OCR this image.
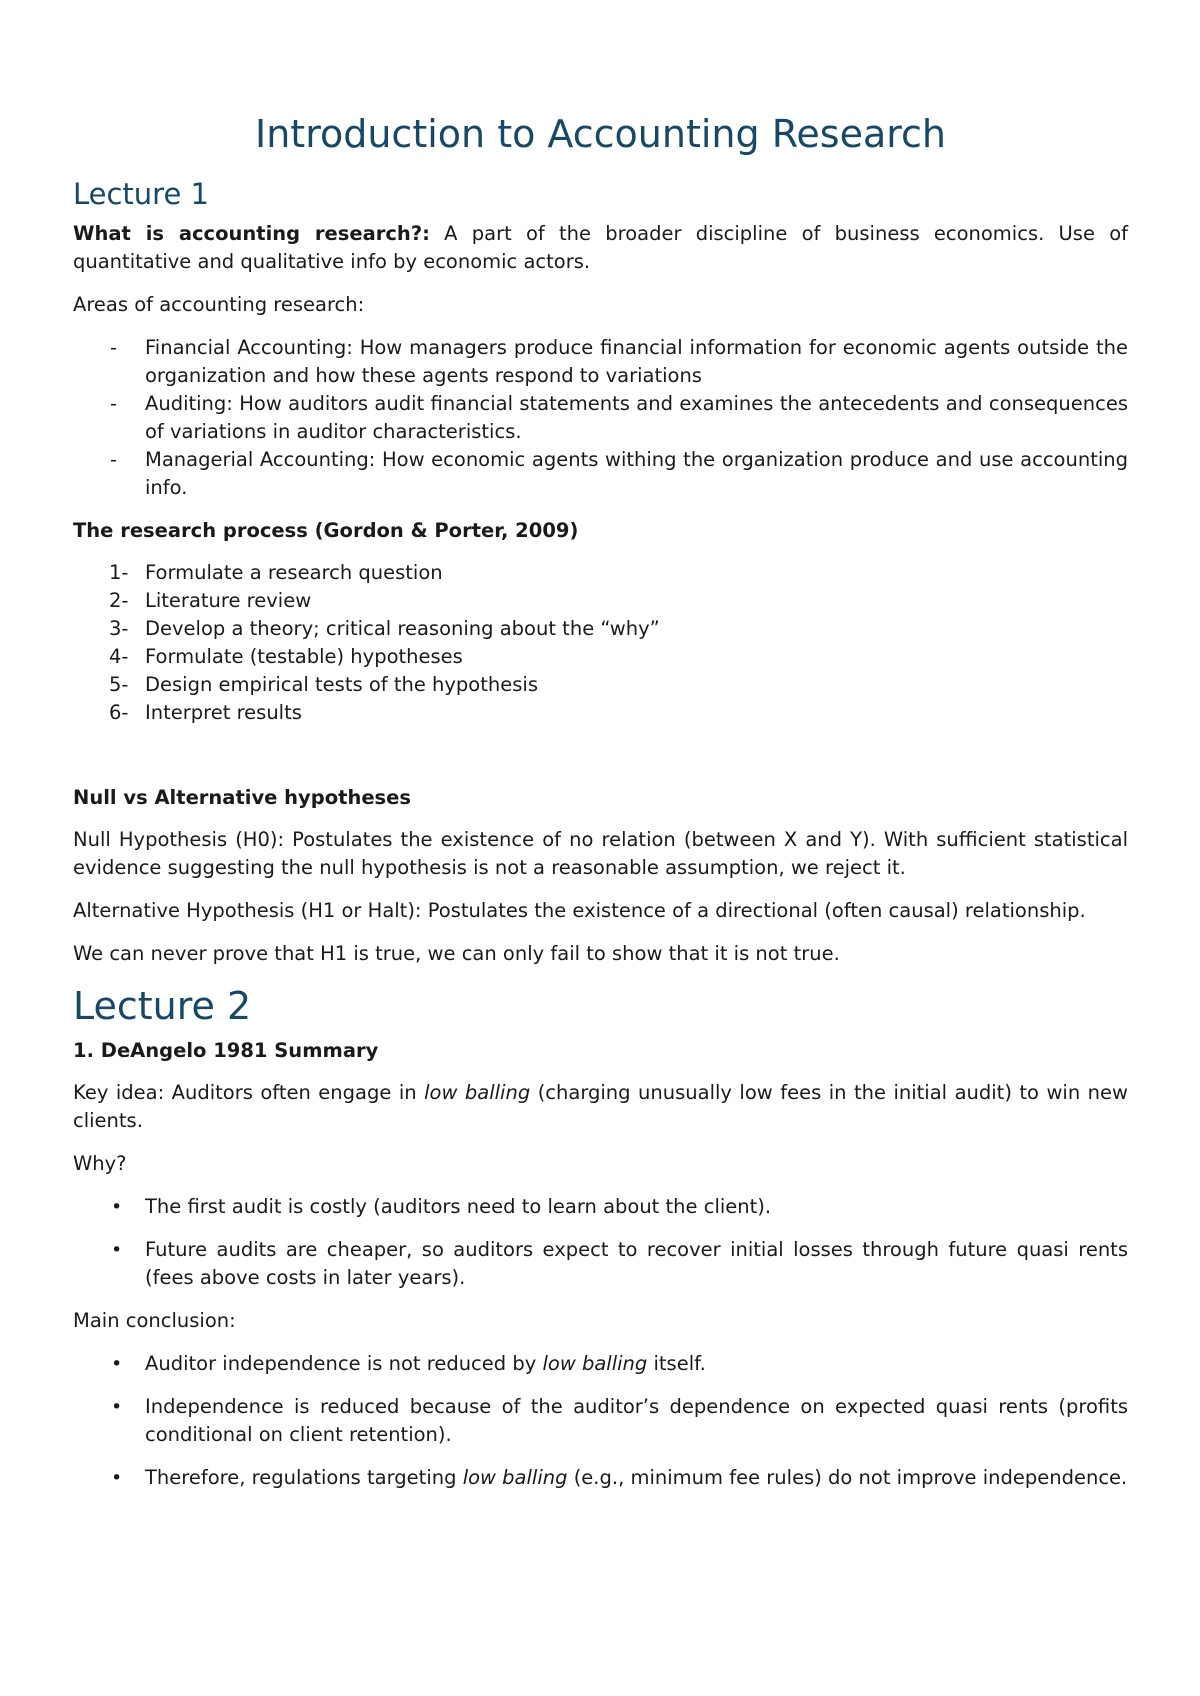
Introduction to Accounting Research
Lecture 1

What is accounting research?: A part of the broader discipline of business economics. Use of quantitative and qualitative info by economic actors.

Areas of accounting research:

- Financial Accounting: How managers produce financial information for economic agents outside the organization and how these agents respond to variations
- Auditing: How auditors audit financial statements and examines the antecedents and consequences of variations in auditor characteristics.
- Managerial Accounting: How economic agents withing the organization produce and use accounting info.
The research process (Gordon & Porter, 2009)
1- Formulate a research question
2- Literature review
3- Develop a theory; critical reasoning about the “why”
4- Formulate (testable) hypotheses
5- Design empirical tests of the hypothesis
6- Interpret results
Null vs Alternative hypotheses

Null Hypothesis (H0): Postulates the existence of no relation (between X and Y). With sufficient statistical evidence suggesting the null hypothesis is not a reasonable assumption, we reject it.

Alternative Hypothesis (H1 or Halt): Postulates the existence of a directional (often causal) relationship.

We can never prove that H1 is true, we can only fail to show that it is not true.

Lecture 2
1. DeAngelo 1981 Summary

Key idea: Auditors often engage in low balling (charging unusually low fees in the initial audit) to win new clients.

Why?

• The first audit is costly (auditors need to learn about the client).
• Future audits are cheaper, so auditors expect to recover initial losses through future quasi rents (fees above costs in later years).

Main conclusion:

• Auditor independence is not reduced by low balling itself.
• Independence is reduced because of the auditor’s dependence on expected quasi rents (profits conditional on client retention).
• Therefore, regulations targeting low balling (e.g., minimum fee rules) do not improve independence.
